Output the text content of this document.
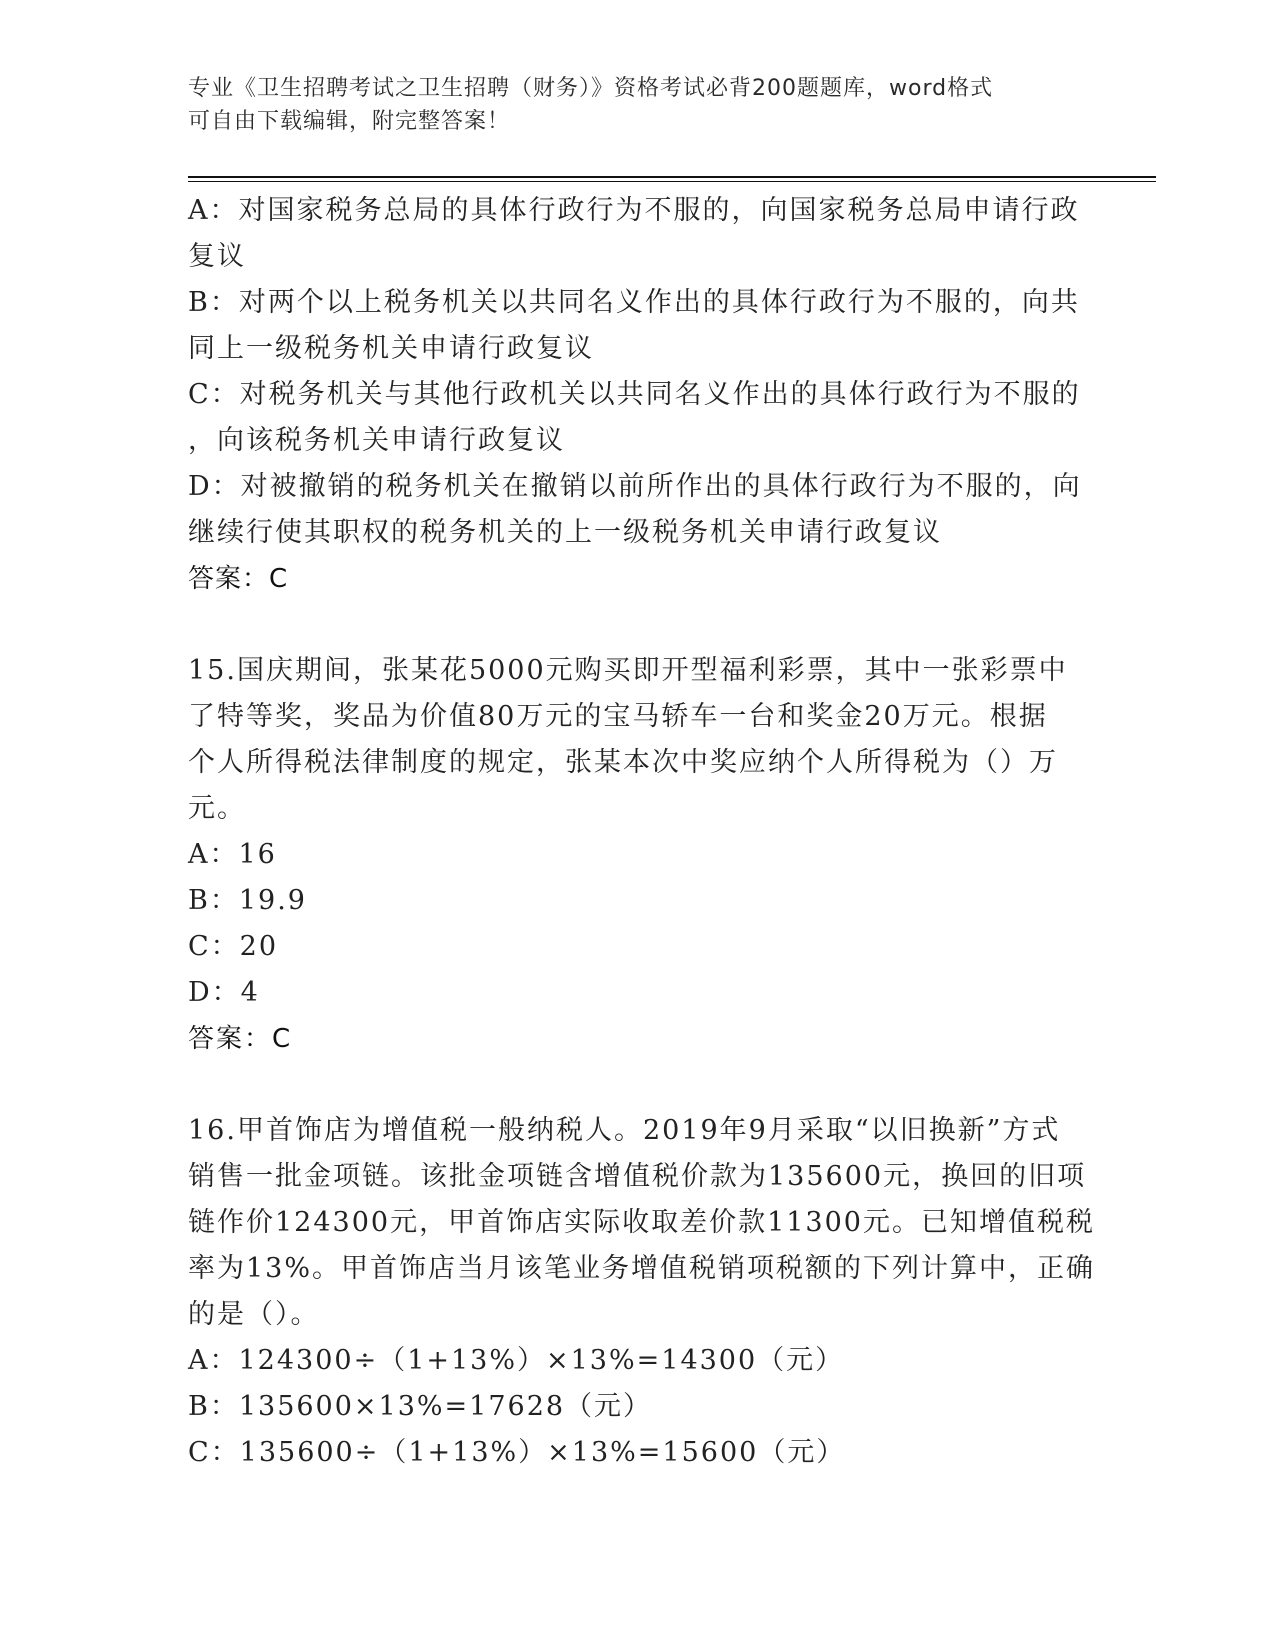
专业《卫生招聘考试之卫生招聘（财务）》资格考试必背200题题库，word格式
可自由下载编辑，附完整答案！
A：对国家税务总局的具体行政行为不服的，向国家税务总局申请行政
复议
B：对两个以上税务机关以共同名义作出的具体行政行为不服的，向共
同上一级税务机关申请行政复议
C：对税务机关与其他行政机关以共同名义作出的具体行政行为不服的
，向该税务机关申请行政复议
D：对被撤销的税务机关在撤销以前所作出的具体行政行为不服的，向
继续行使其职权的税务机关的上一级税务机关申请行政复议
答案：C
15.国庆期间，张某花5000元购买即开型福利彩票，其中一张彩票中
了特等奖，奖品为价值80万元的宝马轿车一台和奖金20万元。根据
个人所得税法律制度的规定，张某本次中奖应纳个人所得税为（）万
元。
A：16
B：19.9
C：20
D：4
答案：C
16.甲首饰店为增值税一般纳税人。2019年9月采取“以旧换新”方式
销售一批金项链。该批金项链含增值税价款为135600元，换回的旧项
链作价124300元，甲首饰店实际收取差价款11300元。已知增值税税
率为13%。甲首饰店当月该笔业务增值税销项税额的下列计算中，正确
的是（）。
A：124300÷（1+13%）×13%=14300（元）
B：135600×13%=17628（元）
C：135600÷（1+13%）×13%=15600（元）
